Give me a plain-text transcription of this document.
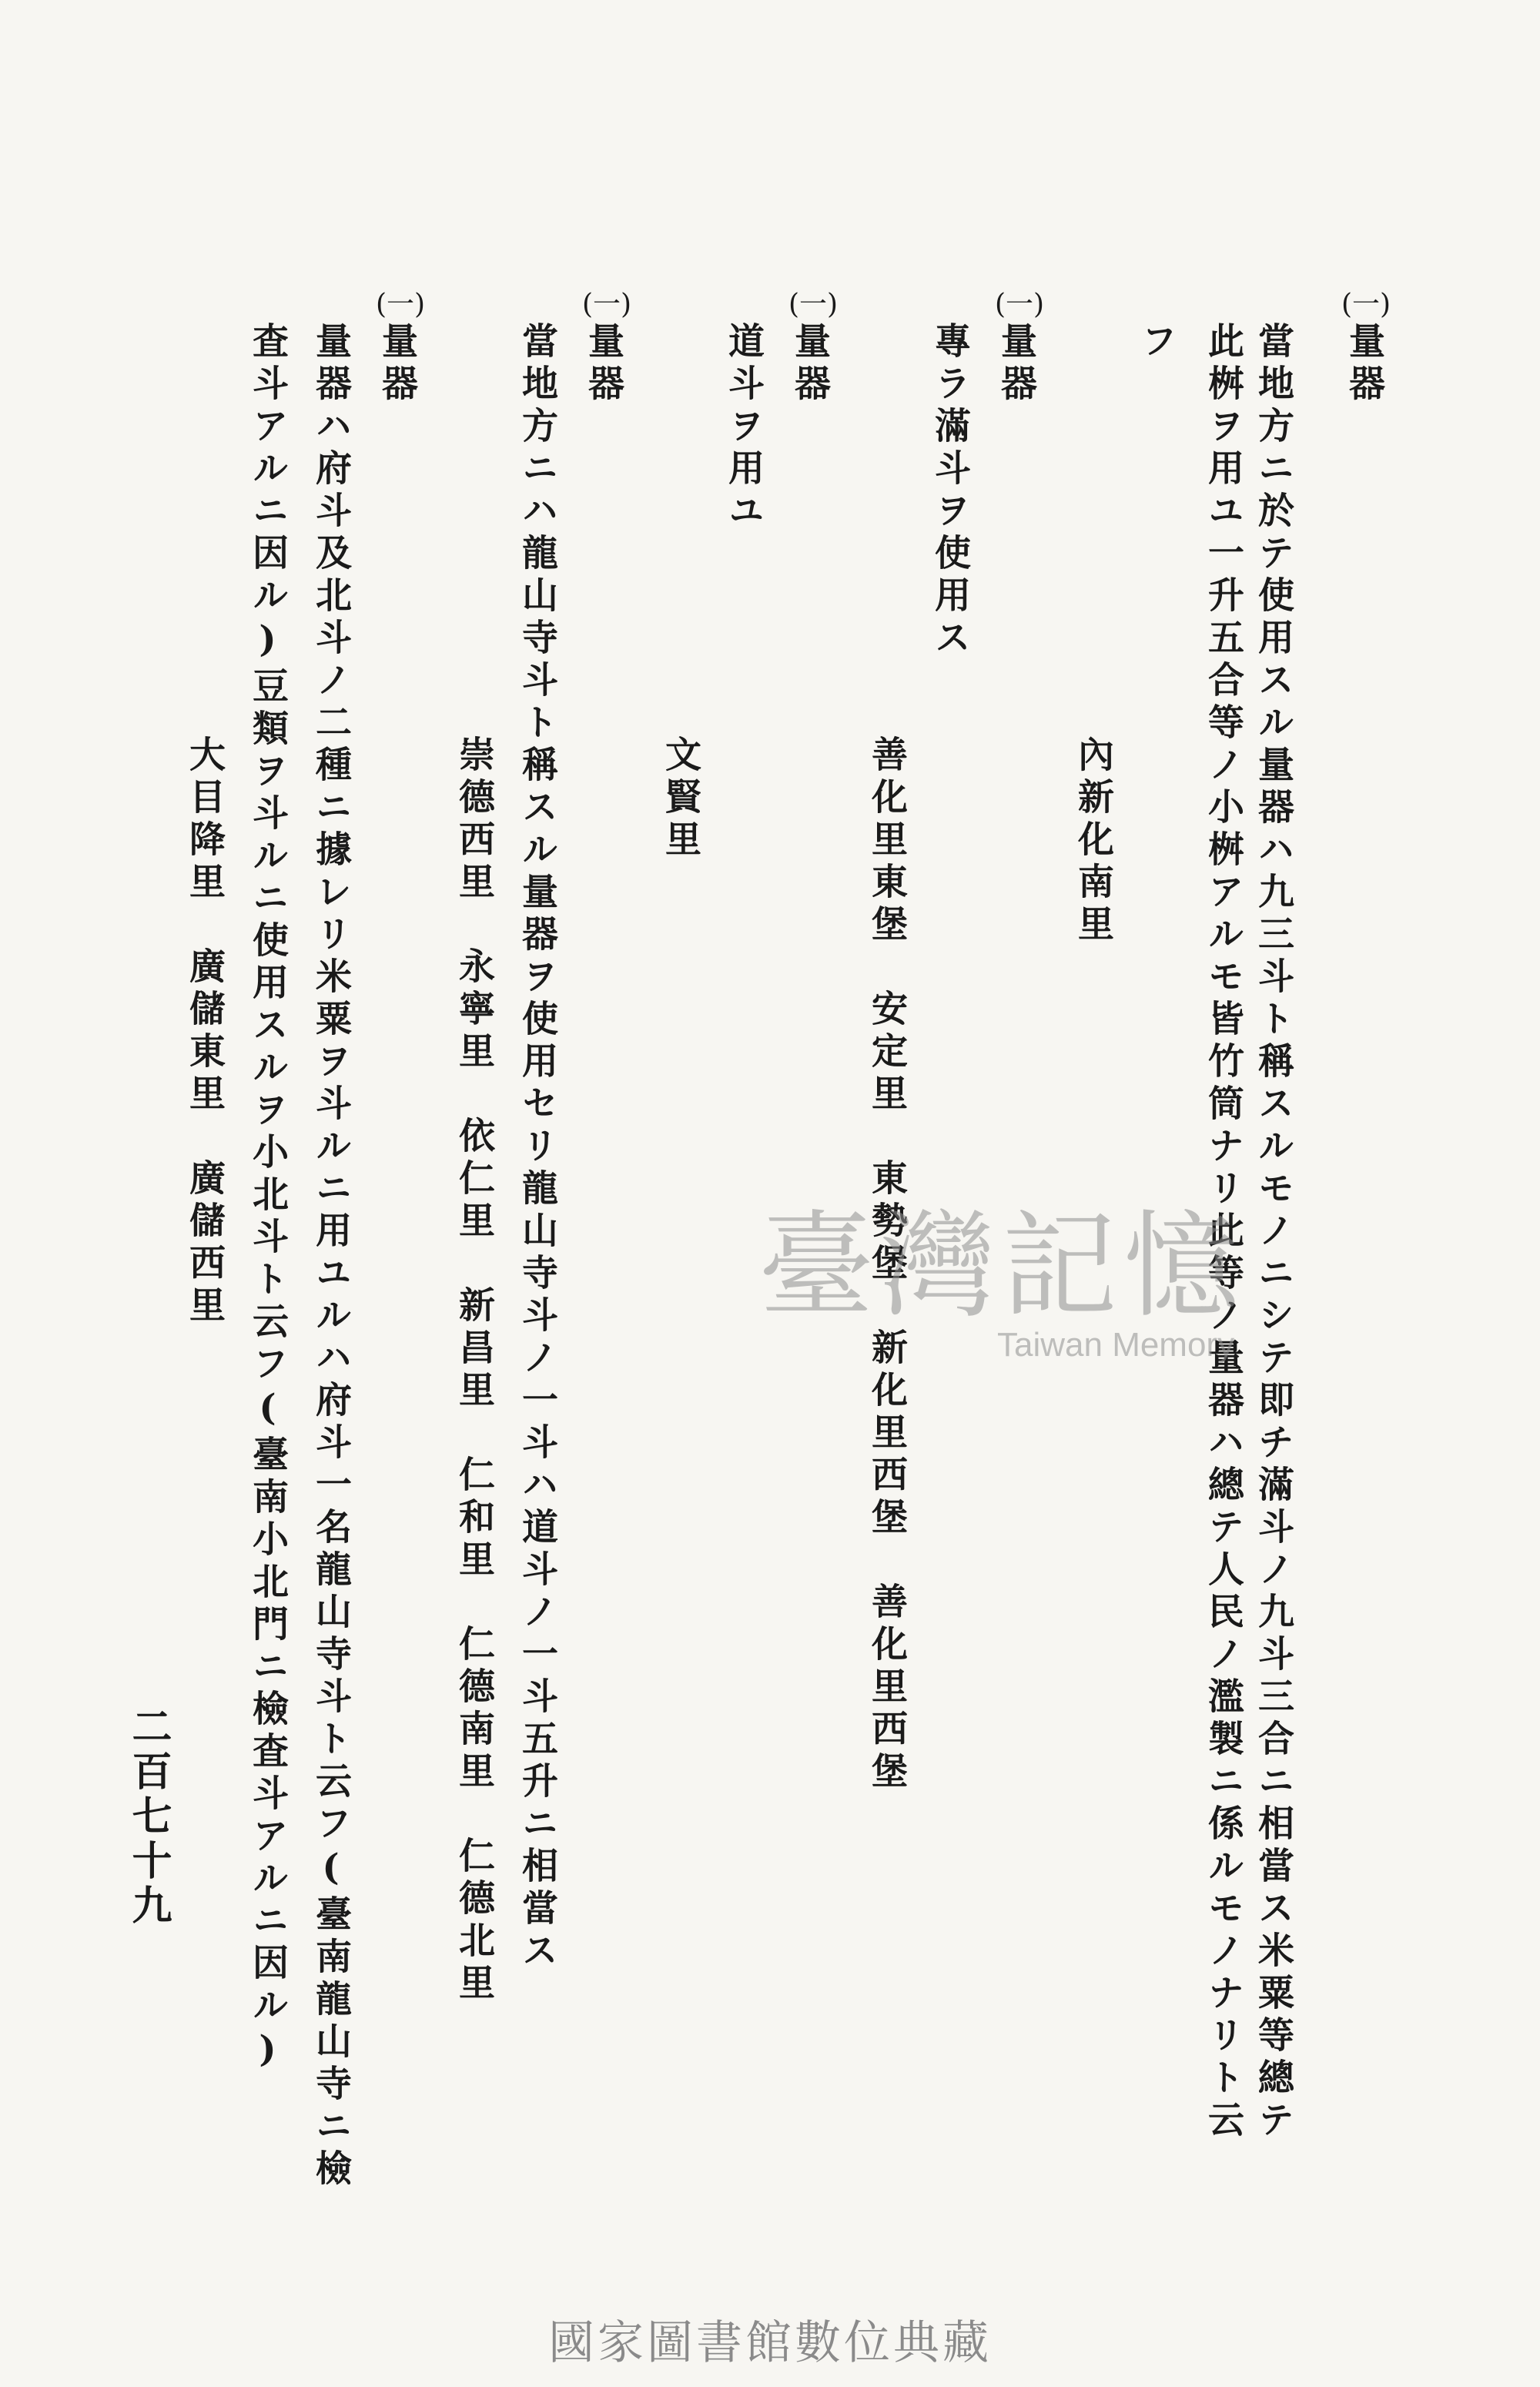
(一)
量器
當地方ニ於テ使用スル量器ハ九三斗ト稱スルモノニシテ即チ滿斗ノ九斗三合ニ相當ス米粟等總テ
此桝ヲ用ユ一升五合等ノ小桝アルモ皆竹筒ナリ此等ノ量器ハ總テ人民ノ濫製ニ係ルモノナリト云
フ
內新化南里
(一)
量器
專ラ滿斗ヲ使用ス
善化里東堡　安定里　東勢堡　新化里西堡　善化里西堡
(一)
量器
道斗ヲ用ユ
文賢里
(一)
量器
當地方ニハ龍山寺斗ト稱スル量器ヲ使用セリ龍山寺斗ノ一斗ハ道斗ノ一斗五升ニ相當ス
崇德西里　永寧里　依仁里　新昌里　仁和里　仁德南里　仁德北里
(一)
量器
量器ハ府斗及北斗ノ二種ニ據レリ米粟ヲ斗ルニ用ユルハ府斗一名龍山寺斗ト云フ(臺南龍山寺ニ檢
査斗アルニ因ル)豆類ヲ斗ルニ使用スルヲ小北斗ト云フ(臺南小北門ニ檢査斗アルニ因ル)
大目降里　廣儲東里　廣儲西里
二百七十九
臺灣記憶
Taiwan Memory
國家圖書館數位典藏
